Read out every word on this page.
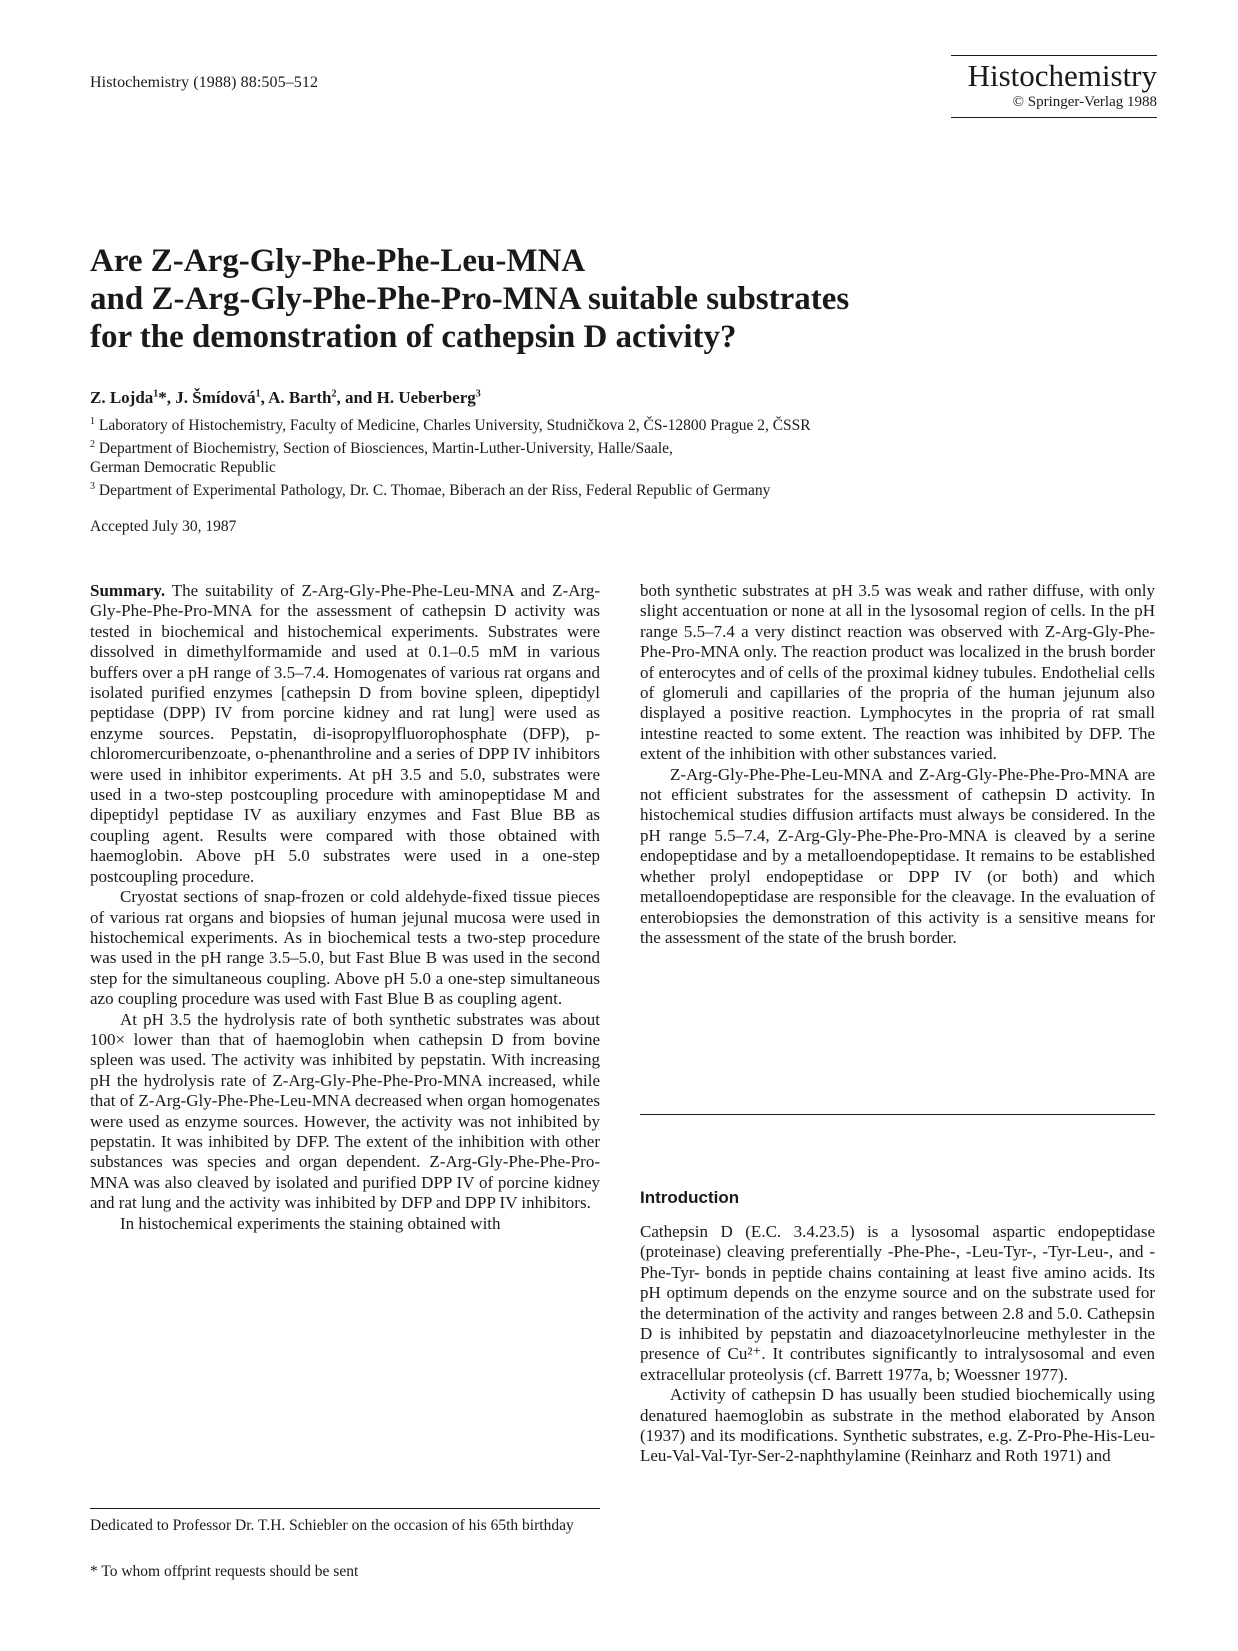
Histochemistry (1988) 88:505–512	Histochemistry
© Springer-Verlag 1988
Are Z-Arg-Gly-Phe-Phe-Leu-MNA
and Z-Arg-Gly-Phe-Phe-Pro-MNA suitable substrates
for the demonstration of cathepsin D activity?
Z. Lojda$^1$*, J. Šmídová$^1$, A. Barth$^2$, and H. Ueberberg$^3$
$^1$ Laboratory of Histochemistry, Faculty of Medicine, Charles University, Studničkova 2, ČS-12800 Prague 2, ČSSR
$^2$ Department of Biochemistry, Section of Biosciences, Martin-Luther-University, Halle/Saale,
German Democratic Republic
$^3$ Department of Experimental Pathology, Dr. C. Thomae, Biberach an der Riss, Federal Republic of Germany
Accepted July 30, 1987

Summary. The suitability of Z-Arg-Gly-Phe-Phe-Leu-MNA and Z-Arg-Gly-Phe-Phe-Pro-MNA for the assessment of cathepsin D activity was tested in biochemical and histochemical experiments. Substrates were dissolved in dimethylformamide and used at 0.1–0.5 mM in various buffers over a pH range of 3.5–7.4. Homogenates of various rat organs and isolated purified enzymes [cathepsin D from bovine spleen, dipeptidyl peptidase (DPP) IV from porcine kidney and rat lung] were used as enzyme sources. Pepstatin, di-isopropylfluorophosphate (DFP), p-chloromercuribenzoate, o-phenanthroline and a series of DPP IV inhibitors were used in inhibitor experiments. At pH 3.5 and 5.0, substrates were used in a two-step postcoupling procedure with aminopeptidase M and dipeptidyl peptidase IV as auxiliary enzymes and Fast Blue BB as coupling agent. Results were compared with those obtained with haemoglobin. Above pH 5.0 substrates were used in a one-step postcoupling procedure.

Cryostat sections of snap-frozen or cold aldehyde-fixed tissue pieces of various rat organs and biopsies of human jejunal mucosa were used in histochemical experiments. As in biochemical tests a two-step procedure was used in the pH range 3.5–5.0, but Fast Blue B was used in the second step for the simultaneous coupling. Above pH 5.0 a one-step simultaneous azo coupling procedure was used with Fast Blue B as coupling agent.

At pH 3.5 the hydrolysis rate of both synthetic substrates was about 100× lower than that of haemoglobin when cathepsin D from bovine spleen was used. The activity was inhibited by pepstatin. With increasing pH the hydrolysis rate of Z-Arg-Gly-Phe-Phe-Pro-MNA increased, while that of Z-Arg-Gly-Phe-Phe-Leu-MNA decreased when organ homogenates were used as enzyme sources. However, the activity was not inhibited by pepstatin. It was inhibited by DFP. The extent of the inhibition with other substances was species and organ dependent. Z-Arg-Gly-Phe-Phe-Pro-MNA was also cleaved by isolated and purified DPP IV of porcine kidney and rat lung and the activity was inhibited by DFP and DPP IV inhibitors.

In histochemical experiments the staining obtained with

both synthetic substrates at pH 3.5 was weak and rather diffuse, with only slight accentuation or none at all in the lysosomal region of cells. In the pH range 5.5–7.4 a very distinct reaction was observed with Z-Arg-Gly-Phe-Phe-Pro-MNA only. The reaction product was localized in the brush border of enterocytes and of cells of the proximal kidney tubules. Endothelial cells of glomeruli and capillaries of the propria of the human jejunum also displayed a positive reaction. Lymphocytes in the propria of rat small intestine reacted to some extent. The reaction was inhibited by DFP. The extent of the inhibition with other substances varied.

Z-Arg-Gly-Phe-Phe-Leu-MNA and Z-Arg-Gly-Phe-Phe-Pro-MNA are not efficient substrates for the assessment of cathepsin D activity. In histochemical studies diffusion artifacts must always be considered. In the pH range 5.5–7.4, Z-Arg-Gly-Phe-Phe-Pro-MNA is cleaved by a serine endopeptidase and by a metalloendopeptidase. It remains to be established whether prolyl endopeptidase or DPP IV (or both) and which metalloendopeptidase are responsible for the cleavage. In the evaluation of enterobiopsies the demonstration of this activity is a sensitive means for the assessment of the state of the brush border.

Introduction

Cathepsin D (E.C. 3.4.23.5) is a lysosomal aspartic endopeptidase (proteinase) cleaving preferentially -Phe-Phe-, -Leu-Tyr-, -Tyr-Leu-, and -Phe-Tyr- bonds in peptide chains containing at least five amino acids. Its pH optimum depends on the enzyme source and on the substrate used for the determination of the activity and ranges between 2.8 and 5.0. Cathepsin D is inhibited by pepstatin and diazoacetylnorleucine methylester in the presence of Cu²⁺. It contributes significantly to intralysosomal and even extracellular proteolysis (cf. Barrett 1977a, b; Woessner 1977).

Activity of cathepsin D has usually been studied biochemically using denatured haemoglobin as substrate in the method elaborated by Anson (1937) and its modifications. Synthetic substrates, e.g. Z-Pro-Phe-His-Leu-Leu-Val-Val-Tyr-Ser-2-naphthylamine (Reinharz and Roth 1971) and

Dedicated to Professor Dr. T.H. Schiebler on the occasion of his 65th birthday
* To whom offprint requests should be sent
